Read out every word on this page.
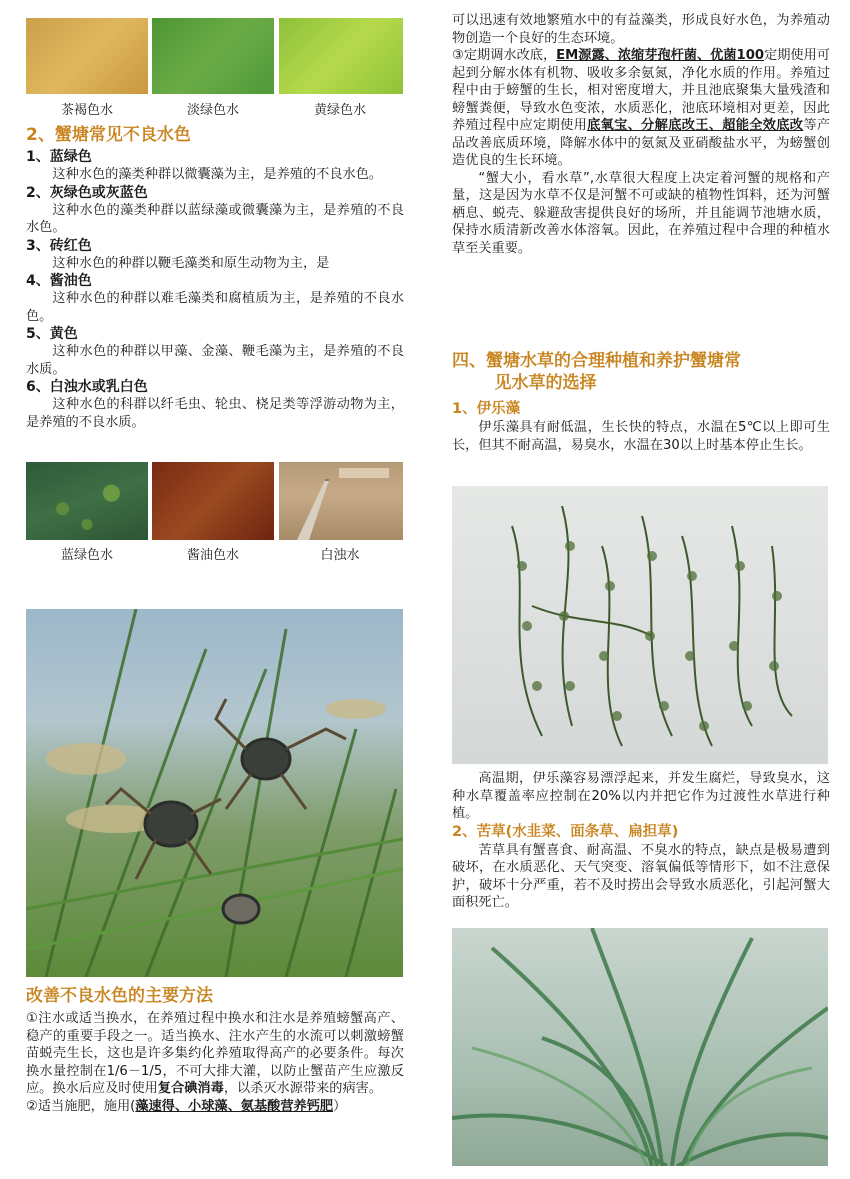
茶褐色水	淡绿色水	黄绿色水
2、蟹塘常见不良水色
1、蓝绿色

这种水色的藻类种群以微囊藻为主，是养殖的不良水色。

2、灰绿色或灰蓝色

这种水色的藻类种群以蓝绿藻或微囊藻为主，是养殖的不良水色。

3、砖红色

这种水色的种群以鞭毛藻类和原生动物为主，是

4、酱油色

这种水色的种群以难毛藻类和腐植质为主，是养殖的不良水色。

5、黄色

这种水色的种群以甲藻、金藻、鞭毛藻为主，是养殖的不良水质。

6、白浊水或乳白色

这种水色的科群以纤毛虫、轮虫、桡足类等浮游动物为主，是养殖的不良水质。

蓝绿色水	酱油色水	白浊水
改善不良水色的主要方法

①注水或适当换水，在养殖过程中换水和注水是养殖螃蟹高产、稳产的重要手段之一。适当换水、注水产生的水流可以刺激螃蟹苗蜕壳生长，这也是许多集约化养殖取得高产的必要条件。每次换水量控制在1/6－1/5，不可大排大灌，以防止蟹苗产生应激反应。换水后应及时使用复合碘消毒，以杀灭水源带来的病害。

②适当施肥，施用(藻速得、小球藻、氨基酸营养钙肥）

可以迅速有效地繁殖水中的有益藻类，形成良好水色，为养殖动物创造一个良好的生态环境。

③定期调水改底，EM源露、浓缩芽孢杆菌、优菌100定期使用可起到分解水体有机物、吸收多余氨氮，净化水质的作用。养殖过程中由于螃蟹的生长，相对密度增大，并且池底聚集大量残渣和螃蟹粪便，导致水色变浓，水质恶化，池底环境相对更差，因此养殖过程中应定期使用底氧宝、分解底改王、超能全效底改等产品改善底质环境，降解水体中的氨氮及亚硝酸盐水平，为螃蟹创造优良的生长环境。

“蟹大小，看水草”,水草很大程度上决定着河蟹的规格和产量，这是因为水草不仅是河蟹不可或缺的植物性饵料，还为河蟹栖息、蜕壳、躲避敌害提供良好的场所，并且能调节池塘水质，保持水质清新改善水体溶氧。因此，在养殖过程中合理的种植水草至关重要。

四、蟹塘水草的合理种植和养护蟹塘常
见水草的选择
1、伊乐藻

伊乐藻具有耐低温，生长快的特点，水温在5℃以上即可生长，但其不耐高温，易臭水，水温在30以上时基本停止生长。

高温期，伊乐藻容易漂浮起来，并发生腐烂，导致臭水，这种水草覆盖率应控制在20%以内并把它作为过渡性水草进行种植。

2、苦草(水韭菜、面条草、扁担草)

苦草具有蟹喜食、耐高温、不臭水的特点，缺点是极易遭到破坏，在水质恶化、天气突变、溶氧偏低等情形下，如不注意保护，破坏十分严重，若不及时捞出会导致水质恶化，引起河蟹大面积死亡。
